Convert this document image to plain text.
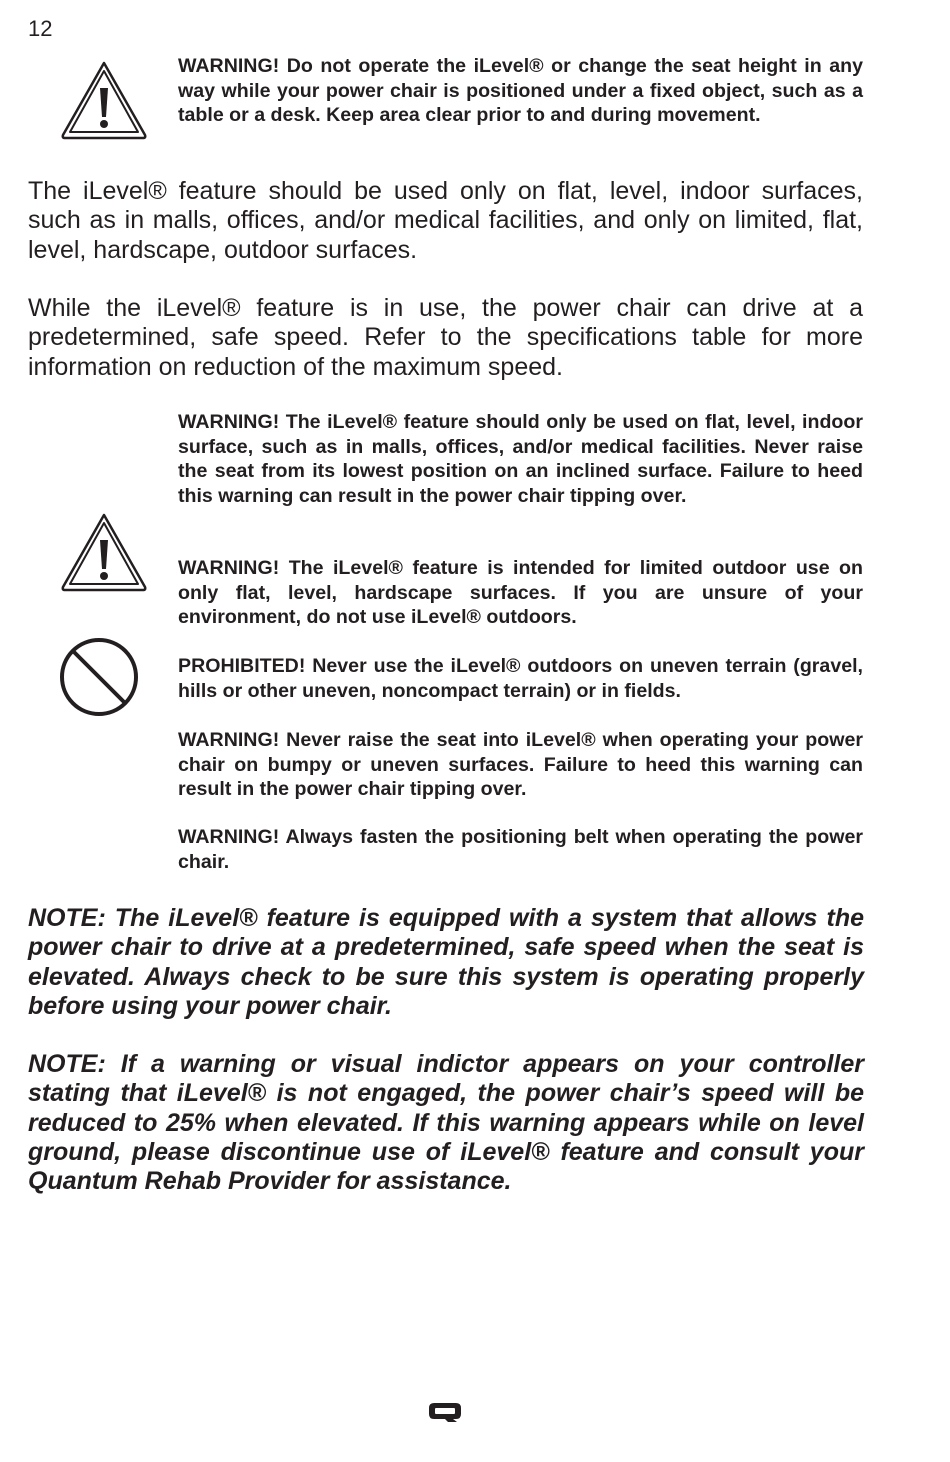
12

WARNING! Do not operate the iLevel® or change the seat height in any way while your power chair is positioned under a fixed object, such as a table or a desk. Keep area clear prior to and during movement.

The iLevel® feature should be used only on flat, level, indoor surfaces, such as in malls, offices, and/or medical facilities, and only on limited, flat, level, hardscape, outdoor surfaces.

While the iLevel® feature is in use, the power chair can drive at a predetermined, safe speed. Refer to the specifications table for more information on reduction of the maximum speed.

WARNING! The iLevel® feature should only be used on flat, level, indoor surface, such as in malls, offices, and/or medical facilities. Never raise the seat from its lowest position on an inclined surface. Failure to heed this warning can result in the power chair tipping over.

WARNING! The iLevel® feature is intended for limited outdoor use on only flat, level, hardscape surfaces. If you are unsure of your environment, do not use iLevel® outdoors.

PROHIBITED! Never use the iLevel® outdoors on uneven terrain (gravel, hills or other uneven, noncompact terrain) or in fields.

WARNING! Never raise the seat into iLevel® when operating your power chair on bumpy or uneven surfaces. Failure to heed this warning can result in the power chair tipping over.

WARNING! Always fasten the positioning belt when operating the power chair.

NOTE: The iLevel® feature is equipped with a system that allows the power chair to drive at a predetermined, safe speed when the seat is elevated. Always check to be sure this system is operating properly before using your power chair.

NOTE: If a warning or visual indictor appears on your controller stating that iLevel® is not engaged, the power chair’s speed will be reduced to 25% when elevated. If this warning appears while on level ground, please discontinue use of iLevel® feature and consult your Quantum Rehab Provider for assistance.
